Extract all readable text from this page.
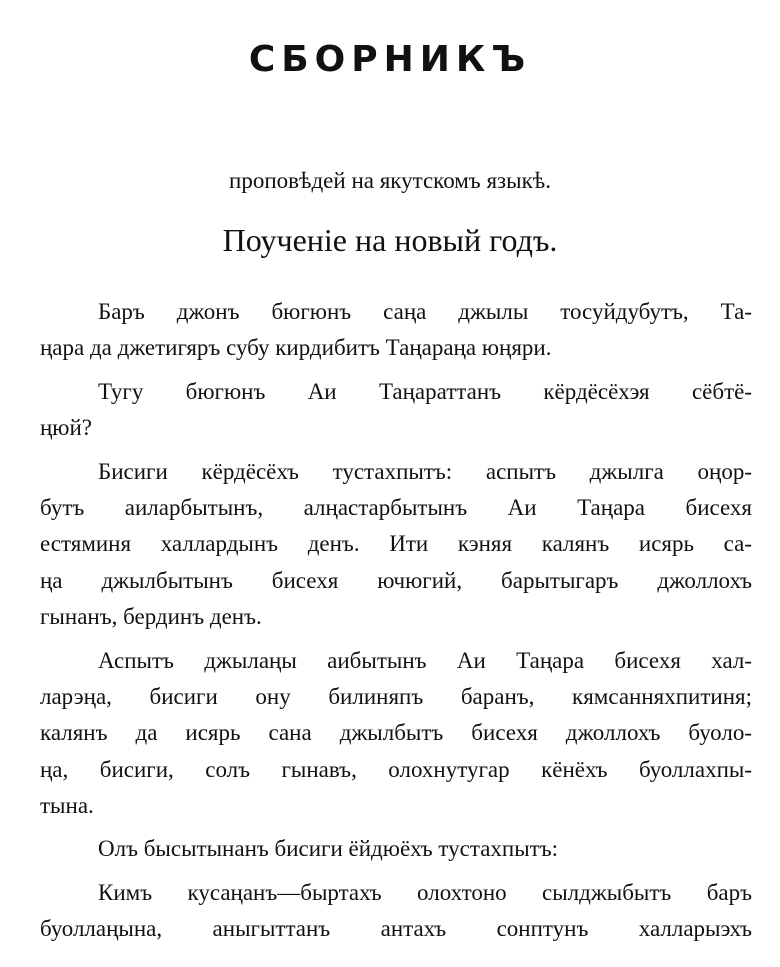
СБОРНИКЪ
проповѣдей на якутскомъ языкѣ.
Поученіе на новый годъ.
Баръ джонъ бюгюнъ саңа джылы тосуйдубутъ, Та-
ңара да джетигяръ субу кирдибитъ Таңараңа юңяри.
Тугу бюгюнъ Аи Таңараттанъ кёрдёсёхэя сёбтё-
ңюй?
Бисиги кёрдёсёхъ тустахпытъ: аспытъ джылга оңор-
бутъ аиларбытынъ, алңастарбытынъ Аи Таңара бисехя
естяминя халлардынъ денъ. Ити кэняя калянъ исярь са-
ңа джылбытынъ бисехя ючюгий, барытыгаръ джоллохъ
гынанъ, бердинъ денъ.
Аспытъ джылаңы аибытынъ Аи Таңара бисехя хал-
ларэңа, бисиги ону билиняпъ баранъ, кямсанняхпитиня;
калянъ да исярь сана джылбытъ бисехя джоллохъ буоло-
ңа, бисиги, солъ гынавъ, олохнутугар кёнёхъ буоллахпы-
тына.
Олъ бысытынанъ бисиги ёйдюёхъ тустахпытъ:
Кимъ кусаңанъ—быртахъ олохтоно сылджыбытъ баръ
буоллаңына, аныгыттанъ антахъ сонптунъ халларыэхъ
